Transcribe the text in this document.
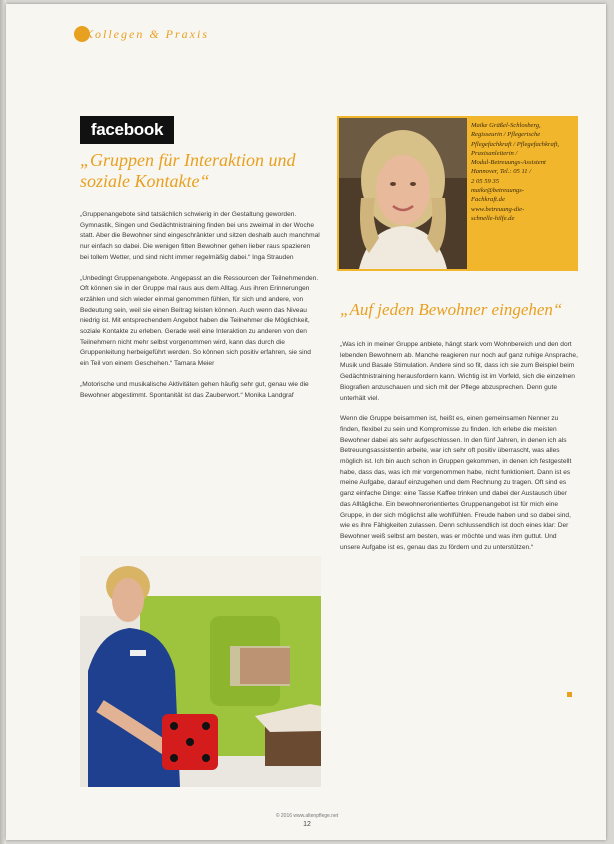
Kollegen & Praxis
facebook
„Gruppen für Interaktion und soziale Kontakte“

„Gruppenangebote sind tatsächlich schwierig in der Gestaltung geworden. Gymnastik, Singen und Gedächtnistraining finden bei uns zweimal in der Woche statt. Aber die Bewohner sind eingeschränkter und sitzen deshalb auch manchmal nur einfach so dabei. Die wenigen fitten Bewohner gehen lieber raus spazieren bei tollem Wetter, und sind nicht immer regelmäßig dabei.“ Inga Strauden

„Unbedingt Gruppenangebote. Angepasst an die Ressourcen der Teilnehmenden. Oft können sie in der Gruppe mal raus aus dem Alltag. Aus ihren Erinnerungen erzählen und sich wieder einmal genommen fühlen, für sich und andere, von Bedeutung sein, weil sie einen Beitrag leisten können. Auch wenn das Niveau niedrig ist. Mit entsprechendem Angebot haben die Teilnehmer die Möglichkeit, soziale Kontakte zu erleben. Gerade weil eine Interaktion zu anderen von den Teilnehmern nicht mehr selbst vorgenommen wird, kann das durch die Gruppenleitung herbeigeführt werden. So können sich positiv erfahren, sie sind ein Teil von einem Geschehen.“ Tamara Meier

„Motorische und musikalische Aktivitäten gehen häufig sehr gut, genau wie die Bewohner abgestimmt. Spontanität ist das Zauberwort.“ Monika Landgraf

Maike Gräßel-Schlosberg,
Regisseurin / Pflegerische
Pflegefachkraft / Pflegefachkraft,
Praxisanleiterin /
Modul-Betreuungs-Assistent
Hannover, Tel.: 05 11 /
2 05 59 35
maike@betreuungs-
Fachkraft.de
www.betreuung-die-
schnelle-hilfe.de
„Auf jeden Bewohner eingehen“

„Was ich in meiner Gruppe anbiete, hängt stark vom Wohnbereich und den dort lebenden Bewohnern ab. Manche reagieren nur noch auf ganz ruhige Ansprache, Musik und Basale Stimulation. Andere sind so fit, dass ich sie zum Beispiel beim Gedächtnistraining herausfordern kann. Wichtig ist im Vorfeld, sich die einzelnen Biografien anzuschauen und sich mit der Pflege abzusprechen. Denn gute unterhält viel.

Wenn die Gruppe beisammen ist, heißt es, einen gemeinsamen Nenner zu finden, flexibel zu sein und Kompromisse zu finden. Ich erlebe die meisten Bewohner dabei als sehr aufgeschlossen. In den fünf Jahren, in denen ich als Betreuungsassistentin arbeite, war ich sehr oft positiv überrascht, was alles möglich ist. Ich bin auch schon in Gruppen gekommen, in denen ich festgestellt habe, dass das, was ich mir vorgenommen habe, nicht funktioniert. Dann ist es meine Aufgabe, darauf einzugehen und dem Rechnung zu tragen. Oft sind es ganz einfache Dinge: eine Tasse Kaffee trinken und dabei der Austausch über das Alltägliche. Ein bewohnerorientiertes Gruppenangebot ist für mich eine Gruppe, in der sich möglichst alle wohlfühlen. Freude haben und so dabei sind, wie es ihre Fähigkeiten zulassen. Denn schlussendlich ist doch eines klar: Der Bewohner weiß selbst am besten, was er möchte und was ihm guttut. Und unsere Aufgabe ist es, genau das zu fördern und zu unterstützen.“

© 2016 www.altenpflege.net
12
